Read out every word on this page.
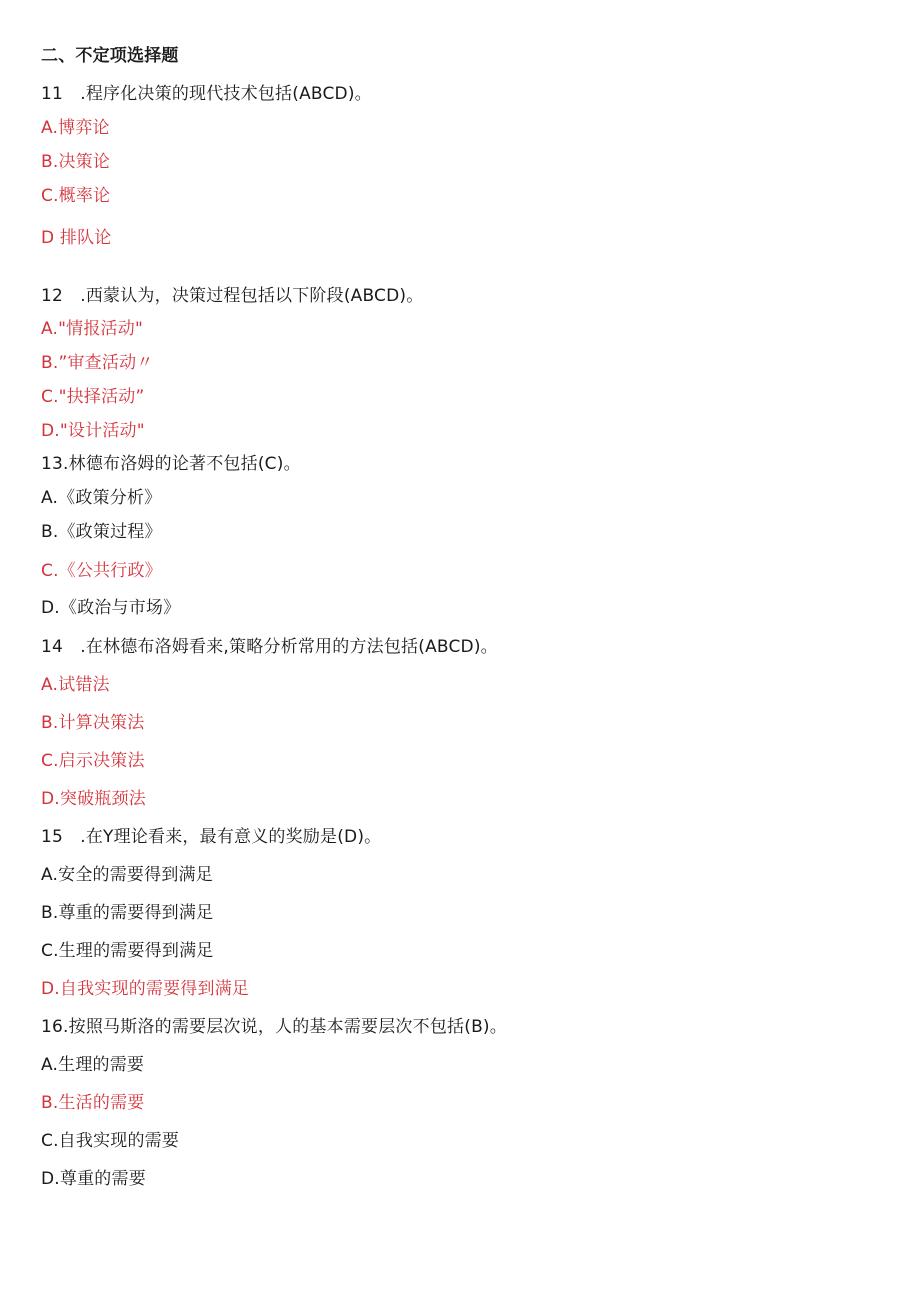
二、不定项选择题
11　.程序化决策的现代技术包括(ABCD)。
A.博弈论
B.决策论
C.概率论
D 排队论
12　.西蒙认为，决策过程包括以下阶段(ABCD)。
A."情报活动"
B.”审查活动〃
C."抉择活动”
D."设计活动"
13.林德布洛姆的论著不包括(C)。
A.《政策分析》
B.《政策过程》
C.《公共行政》
D.《政治与市场》
14　.在林德布洛姆看来,策略分析常用的方法包括(ABCD)。
A.试错法
B.计算决策法
C.启示决策法
D.突破瓶颈法
15　.在Y理论看来，最有意义的奖励是(D)。
A.安全的需要得到满足
B.尊重的需要得到满足
C.生理的需要得到满足
D.自我实现的需要得到满足
16.按照马斯洛的需要层次说，人的基本需要层次不包括(B)。
A.生理的需要
B.生活的需要
C.自我实现的需要
D.尊重的需要
